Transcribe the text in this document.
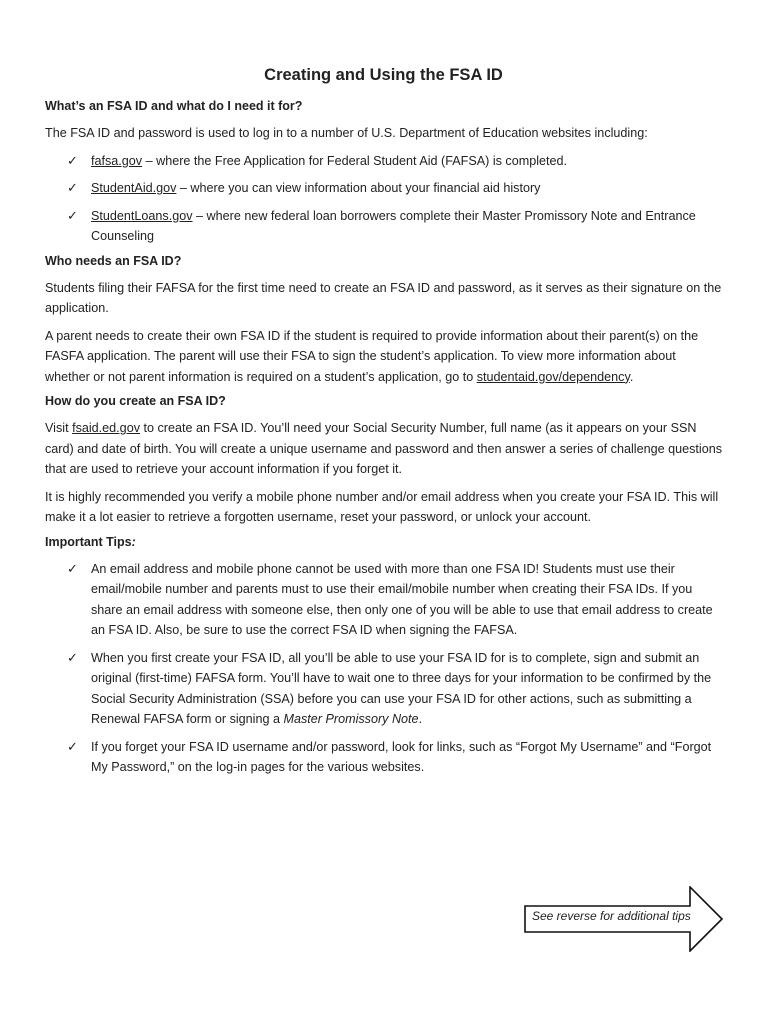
Creating and Using the FSA ID
What’s an FSA ID and what do I need it for?

The FSA ID and password is used to log in to a number of U.S. Department of Education websites including:

✓ fafsa.gov – where the Free Application for Federal Student Aid (FAFSA) is completed.
✓ StudentAid.gov – where you can view information about your financial aid history
✓ StudentLoans.gov – where new federal loan borrowers complete their Master Promissory Note and Entrance Counseling
Who needs an FSA ID?

Students filing their FAFSA for the first time need to create an FSA ID and password, as it serves as their signature on the application.

A parent needs to create their own FSA ID if the student is required to provide information about their parent(s) on the FASFA application. The parent will use their FSA to sign the student’s application. To view more information about whether or not parent information is required on a student’s application, go to studentaid.gov/dependency.

How do you create an FSA ID?

Visit fsaid.ed.gov to create an FSA ID. You’ll need your Social Security Number, full name (as it appears on your SSN card) and date of birth. You will create a unique username and password and then answer a series of challenge questions that are used to retrieve your account information if you forget it.

It is highly recommended you verify a mobile phone number and/or email address when you create your FSA ID. This will make it a lot easier to retrieve a forgotten username, reset your password, or unlock your account.

Important Tips:
✓ An email address and mobile phone cannot be used with more than one FSA ID! Students must use their email/mobile number and parents must to use their email/mobile number when creating their FSA IDs. If you share an email address with someone else, then only one of you will be able to use that email address to create an FSA ID. Also, be sure to use the correct FSA ID when signing the FAFSA.
✓ When you first create your FSA ID, all you’ll be able to use your FSA ID for is to complete, sign and submit an original (first-time) FAFSA form. You’ll have to wait one to three days for your information to be confirmed by the Social Security Administration (SSA) before you can use your FSA ID for other actions, such as submitting a Renewal FAFSA form or signing a Master Promissory Note.
✓ If you forget your FSA ID username and/or password, look for links, such as “Forgot My Username” and “Forgot My Password,” on the log-in pages for the various websites.
See reverse for additional tips
